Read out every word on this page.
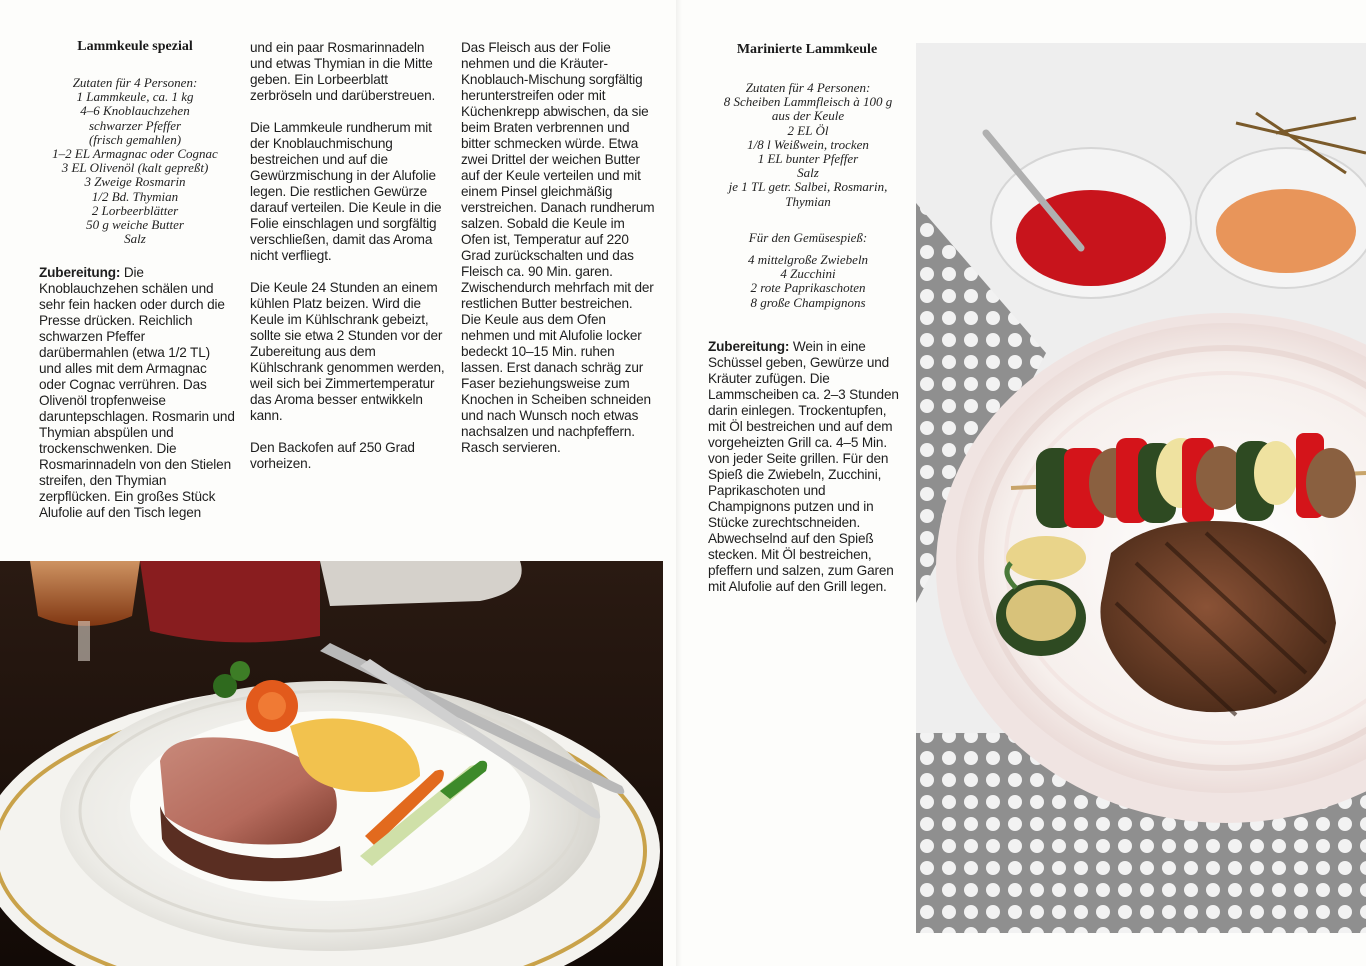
Lammkeule spezial
Zutaten für 4 Personen:
1 Lammkeule, ca. 1 kg
4–6 Knoblauchzehen
schwarzer Pfeffer
(frisch gemahlen)
1–2 EL Armagnac oder Cognac
3 EL Olivenöl (kalt gepreßt)
3 Zweige Rosmarin
1/2 Bd. Thymian
2 Lorbeerblätter
50 g weiche Butter
Salz

Zubereitung: Die Knoblauchzehen schälen und sehr fein hacken oder durch die Presse drücken. Reichlich schwarzen Pfeffer darübermahlen (etwa 1/2 TL) und alles mit dem Armagnac oder Cognac verrühren. Das Olivenöl tropfenweise daruntерschlagen. Rosmarin und Thymian abspülen und trockenschwenken. Die Rosmarinnadeln von den Stielen streifen, den Thymian zerpflücken. Ein großes Stück Alufolie auf den Tisch legen

und ein paar Rosmarinnadeln und etwas Thymian in die Mitte geben. Ein Lorbeerblatt zerbröseln und darüberstreuen.

Die Lammkeule rundherum mit der Knoblauchmischung bestreichen und auf die Gewürzmischung in der Alufolie legen. Die restlichen Gewürze darauf verteilen. Die Keule in die Folie einschlagen und sorgfältig verschließen, damit das Aroma nicht verfliegt.

Die Keule 24 Stunden an einem kühlen Platz beizen. Wird die Keule im Kühlschrank gebeizt, sollte sie etwa 2 Stunden vor der Zubereitung aus dem Kühlschrank genommen werden, weil sich bei Zimmertemperatur das Aroma besser entwikkeln kann.

Den Backofen auf 250 Grad vorheizen.

Das Fleisch aus der Folie nehmen und die Kräuter-Knoblauch-Mischung sorgfältig herunterstreifen oder mit Küchenkrepp abwischen, da sie beim Braten verbrennen und bitter schmecken würde. Etwa zwei Drittel der weichen Butter auf der Keule verteilen und mit einem Pinsel gleichmäßig verstreichen. Danach rundherum salzen. Sobald die Keule im Ofen ist, Temperatur auf 220 Grad zurückschalten und das Fleisch ca. 90 Min. garen. Zwischendurch mehrfach mit der restlichen Butter bestreichen. Die Keule aus dem Ofen nehmen und mit Alufolie locker bedeckt 10–15 Min. ruhen lassen. Erst danach schräg zur Faser beziehungsweise zum Knochen in Scheiben schneiden und nach Wunsch noch etwas nachsalzen und nachpfeffern. Rasch servieren.

Marinierte Lammkeule
Zutaten für 4 Personen:
8 Scheiben Lammfleisch à 100 g
aus der Keule
2 EL Öl
1/8 l Weißwein, trocken
1 EL bunter Pfeffer
Salz
je 1 TL getr. Salbei, Rosmarin,
Thymian
Für den Gemüsespieß:
4 mittelgroße Zwiebeln
4 Zucchini
2 rote Paprikaschoten
8 große Champignons

Zubereitung: Wein in eine Schüssel geben, Gewürze und Kräuter zufügen. Die Lammscheiben ca. 2–3 Stunden darin einlegen. Trockentupfen, mit Öl bestreichen und auf dem vorgeheizten Grill ca. 4–5 Min. von jeder Seite grillen. Für den Spieß die Zwiebeln, Zucchini, Paprikaschoten und Champignons putzen und in Stücke zurechtschneiden. Abwechselnd auf den Spieß stecken. Mit Öl bestreichen, pfeffern und salzen, zum Garen mit Alufolie auf den Grill legen.
